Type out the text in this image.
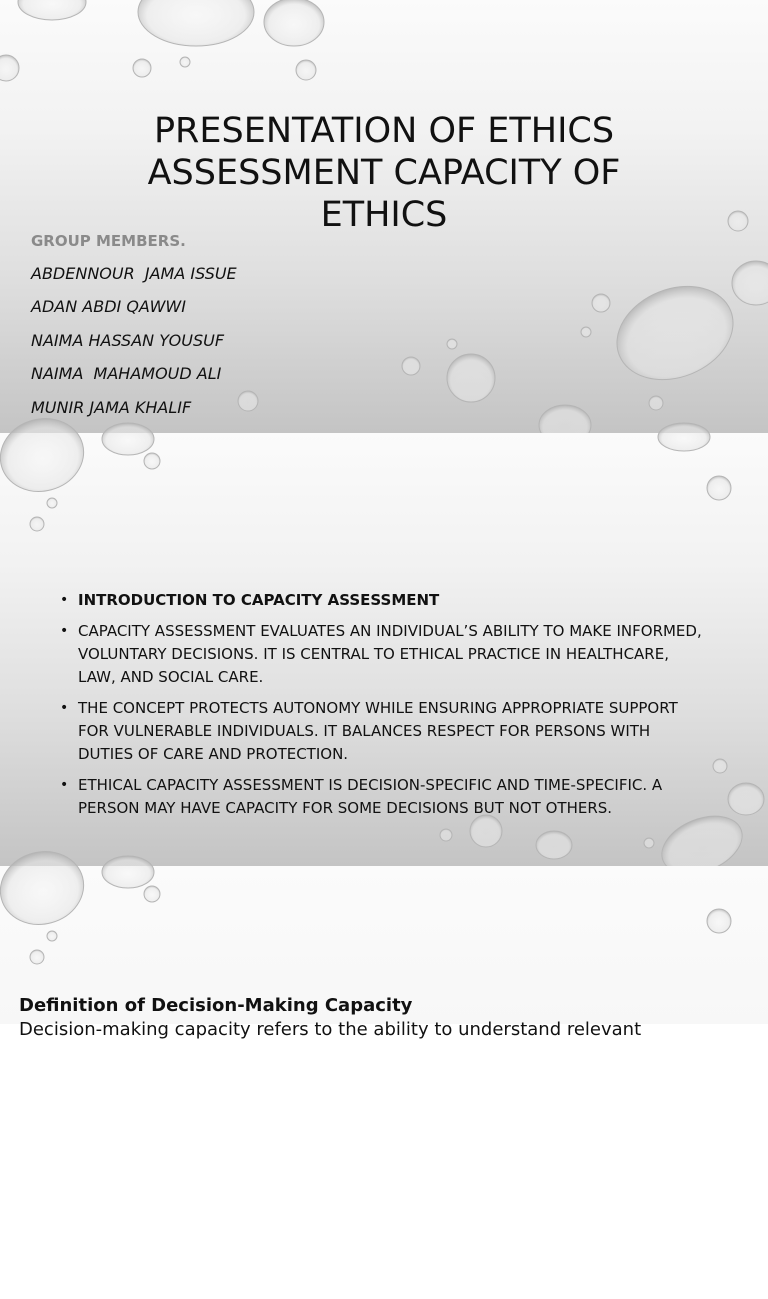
PRESENTATION OF ETHICS
ASSESSMENT CAPACITY OF
ETHICS
GROUP MEMBERS.
ABDENNOUR  JAMA ISSUE
ADAN ABDI QAWWI
NAIMA HASSAN YOUSUF
NAIMA  MAHAMOUD ALI
MUNIR JAMA KHALIF
• INTRODUCTION TO CAPACITY ASSESSMENT
• CAPACITY ASSESSMENT EVALUATES AN INDIVIDUAL’S ABILITY TO MAKE INFORMED, VOLUNTARY DECISIONS. IT IS CENTRAL TO ETHICAL PRACTICE IN HEALTHCARE, LAW, AND SOCIAL CARE.
• THE CONCEPT PROTECTS AUTONOMY WHILE ENSURING APPROPRIATE SUPPORT FOR VULNERABLE INDIVIDUALS. IT BALANCES RESPECT FOR PERSONS WITH DUTIES OF CARE AND PROTECTION.
• ETHICAL CAPACITY ASSESSMENT IS DECISION-SPECIFIC AND TIME-SPECIFIC. A PERSON MAY HAVE CAPACITY FOR SOME DECISIONS BUT NOT OTHERS.
Definition of Decision-Making Capacity
Decision-making capacity refers to the ability to understand relevant
